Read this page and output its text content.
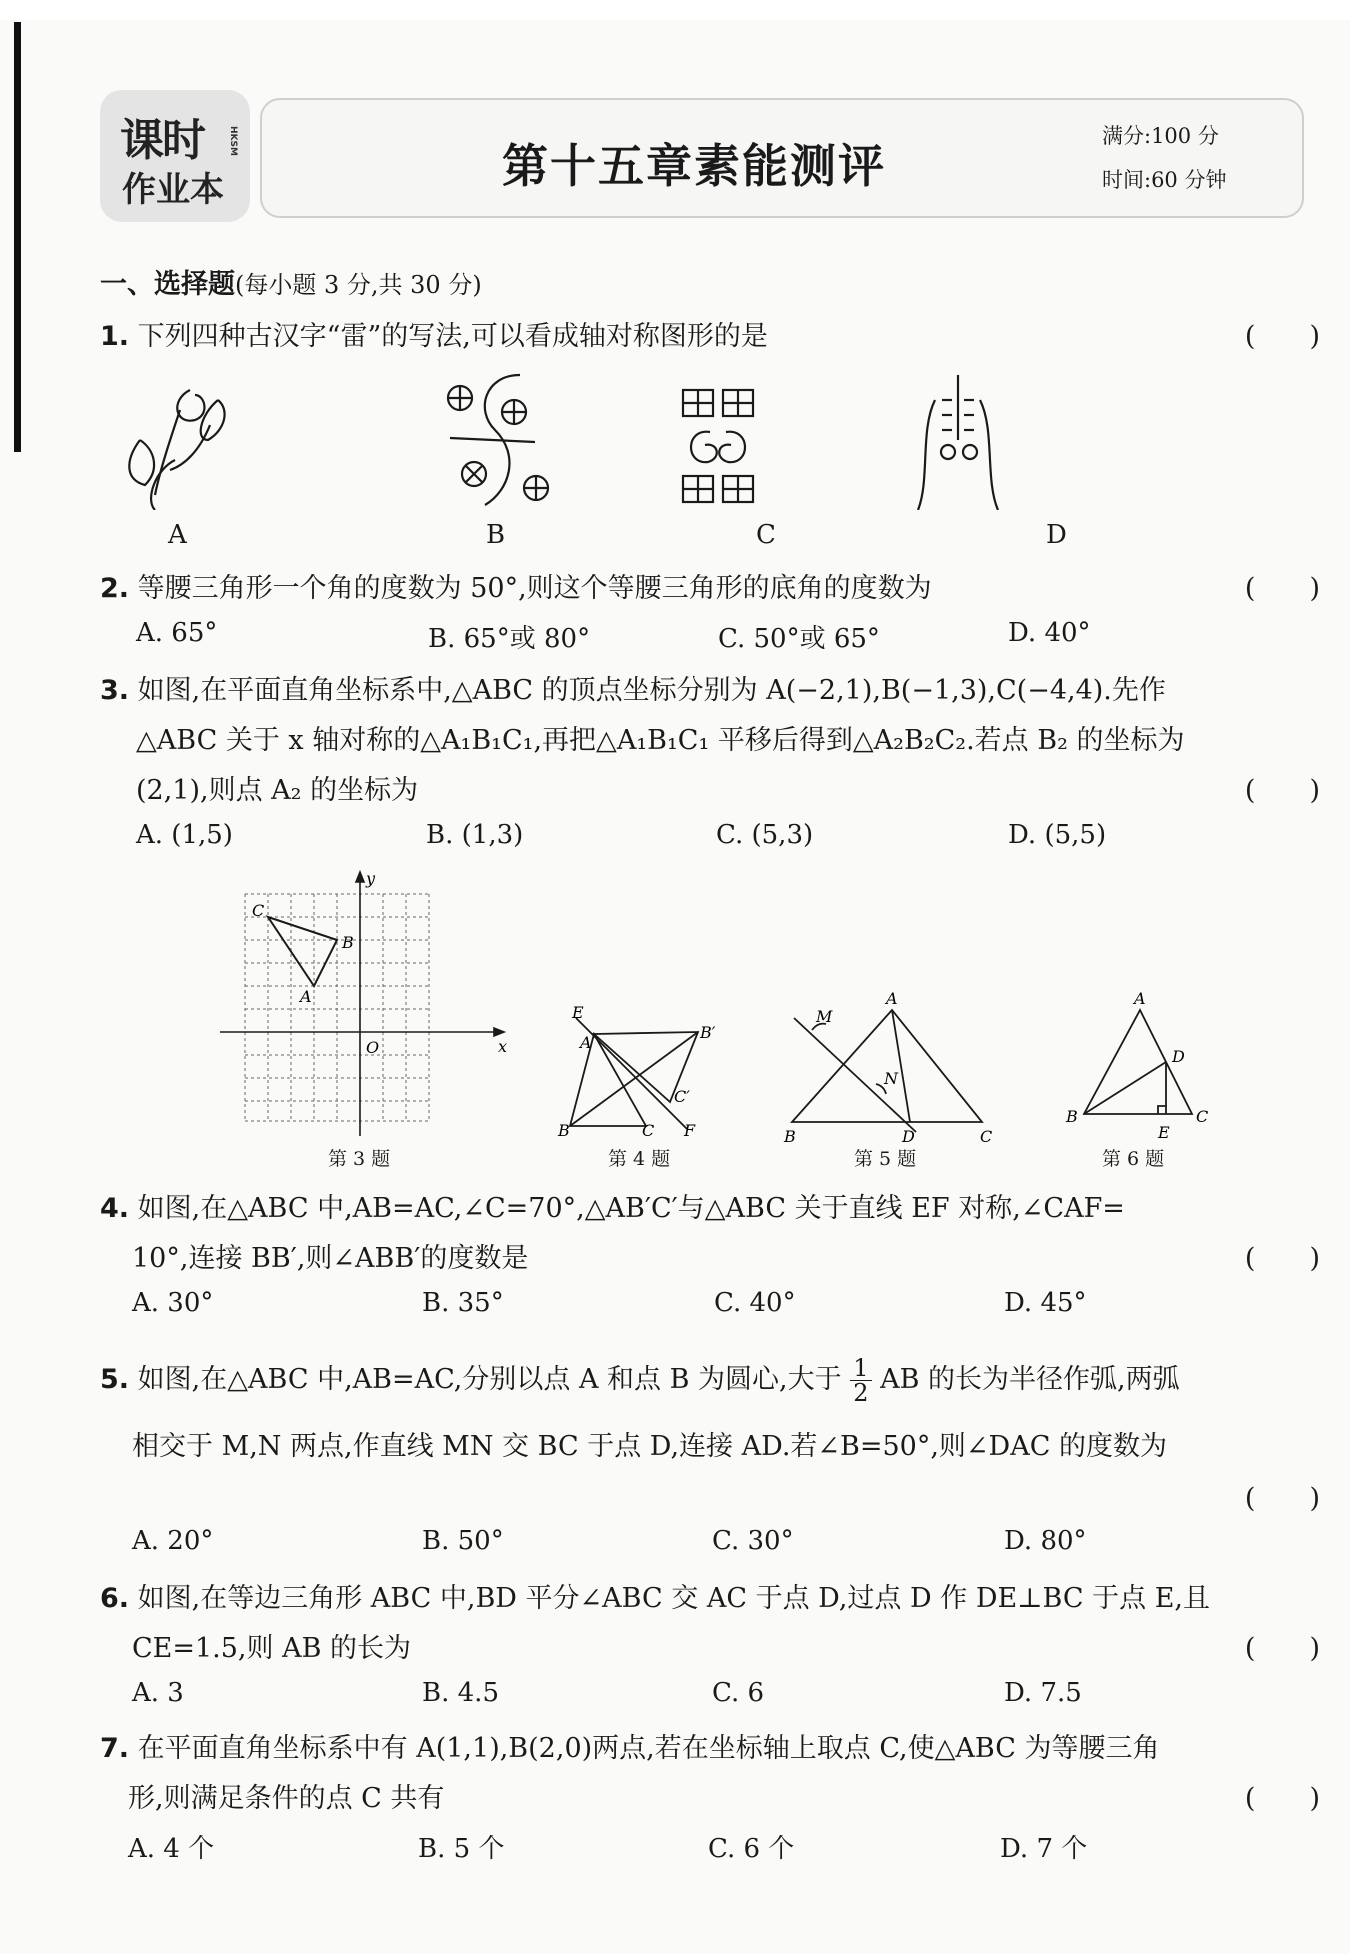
课时
作业本
HKSM	第十五章素能测评
满分:100 分
时间:60 分钟
一、选择题(每小题 3 分,共 30 分)
1. 下列四种古汉字“雷”的写法,可以看成轴对称图形的是	(　　)
A	B	C	D
2. 等腰三角形一个角的度数为 50°,则这个等腰三角形的底角的度数为	(　　)
A. 65°	B. 65°或 80°	C. 50°或 65°	D. 40°
3. 如图,在平面直角坐标系中,△ABC 的顶点坐标分别为 A(−2,1),B(−1,3),C(−4,4).先作
△ABC 关于 x 轴对称的△A₁B₁C₁,再把△A₁B₁C₁ 平移后得到△A₂B₂C₂.若点 B₂ 的坐标为
(2,1),则点 A₂ 的坐标为	(　　)
A. (1,5)	B. (1,3)	C. (5,3)	D. (5,5)
y
x
O
A
B
C
E
A
B	C
B′
C′
F
M
A
N
B	D	C
A
D
B
E
C
第 3 题	第 4 题	第 5 题	第 6 题
4. 如图,在△ABC 中,AB=AC,∠C=70°,△AB′C′与△ABC 关于直线 EF 对称,∠CAF=
10°,连接 BB′,则∠ABB′的度数是	(　　)
A. 30°	B. 35°	C. 40°	D. 45°
5. 如图,在△ABC 中,AB=AC,分别以点 A 和点 B 为圆心,大于 $\frac{1}{2}$ AB 的长为半径作弧,两弧
相交于 M,N 两点,作直线 MN 交 BC 于点 D,连接 AD.若∠B=50°,则∠DAC 的度数为
(　　)
A. 20°	B. 50°	C. 30°	D. 80°
6. 如图,在等边三角形 ABC 中,BD 平分∠ABC 交 AC 于点 D,过点 D 作 DE⊥BC 于点 E,且
CE=1.5,则 AB 的长为	(　　)
A. 3	B. 4.5	C. 6	D. 7.5
7. 在平面直角坐标系中有 A(1,1),B(2,0)两点,若在坐标轴上取点 C,使△ABC 为等腰三角
形,则满足条件的点 C 共有	(　　)
A. 4 个	B. 5 个	C. 6 个	D. 7 个
